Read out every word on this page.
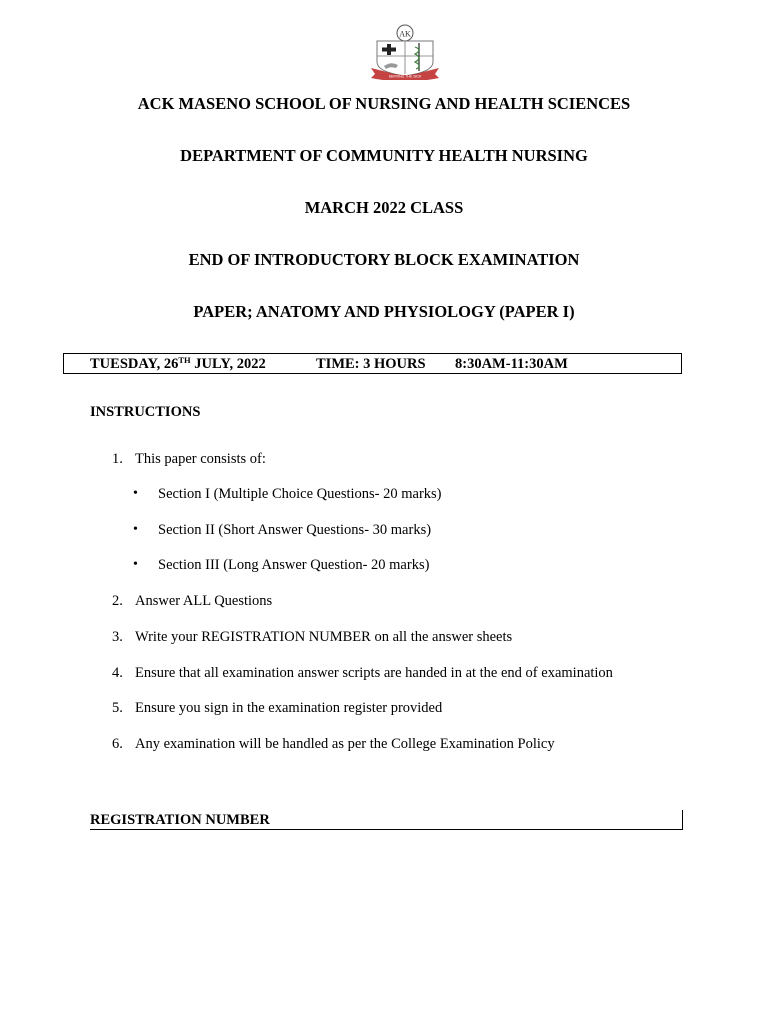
AK
SERVING THE SICK
ACK MASENO SCHOOL OF NURSING AND HEALTH SCIENCES
DEPARTMENT OF COMMUNITY HEALTH NURSING
MARCH 2022 CLASS
END OF INTRODUCTORY BLOCK EXAMINATION
PAPER; ANATOMY AND PHYSIOLOGY (PAPER I)
TUESDAY, 26TH JULY, 2022	TIME: 3 HOURS 8:30AM-11:30AM
INSTRUCTIONS
1. This paper consists of:
• Section I (Multiple Choice Questions- 20 marks)
• Section II (Short Answer Questions- 30 marks)
• Section III (Long Answer Question- 20 marks)
2. Answer ALL Questions
3. Write your REGISTRATION NUMBER on all the answer sheets
4. Ensure that all examination answer scripts are handed in at the end of examination
5. Ensure you sign in the examination register provided
6. Any examination will be handled as per the College Examination Policy
REGISTRATION NUMBER
